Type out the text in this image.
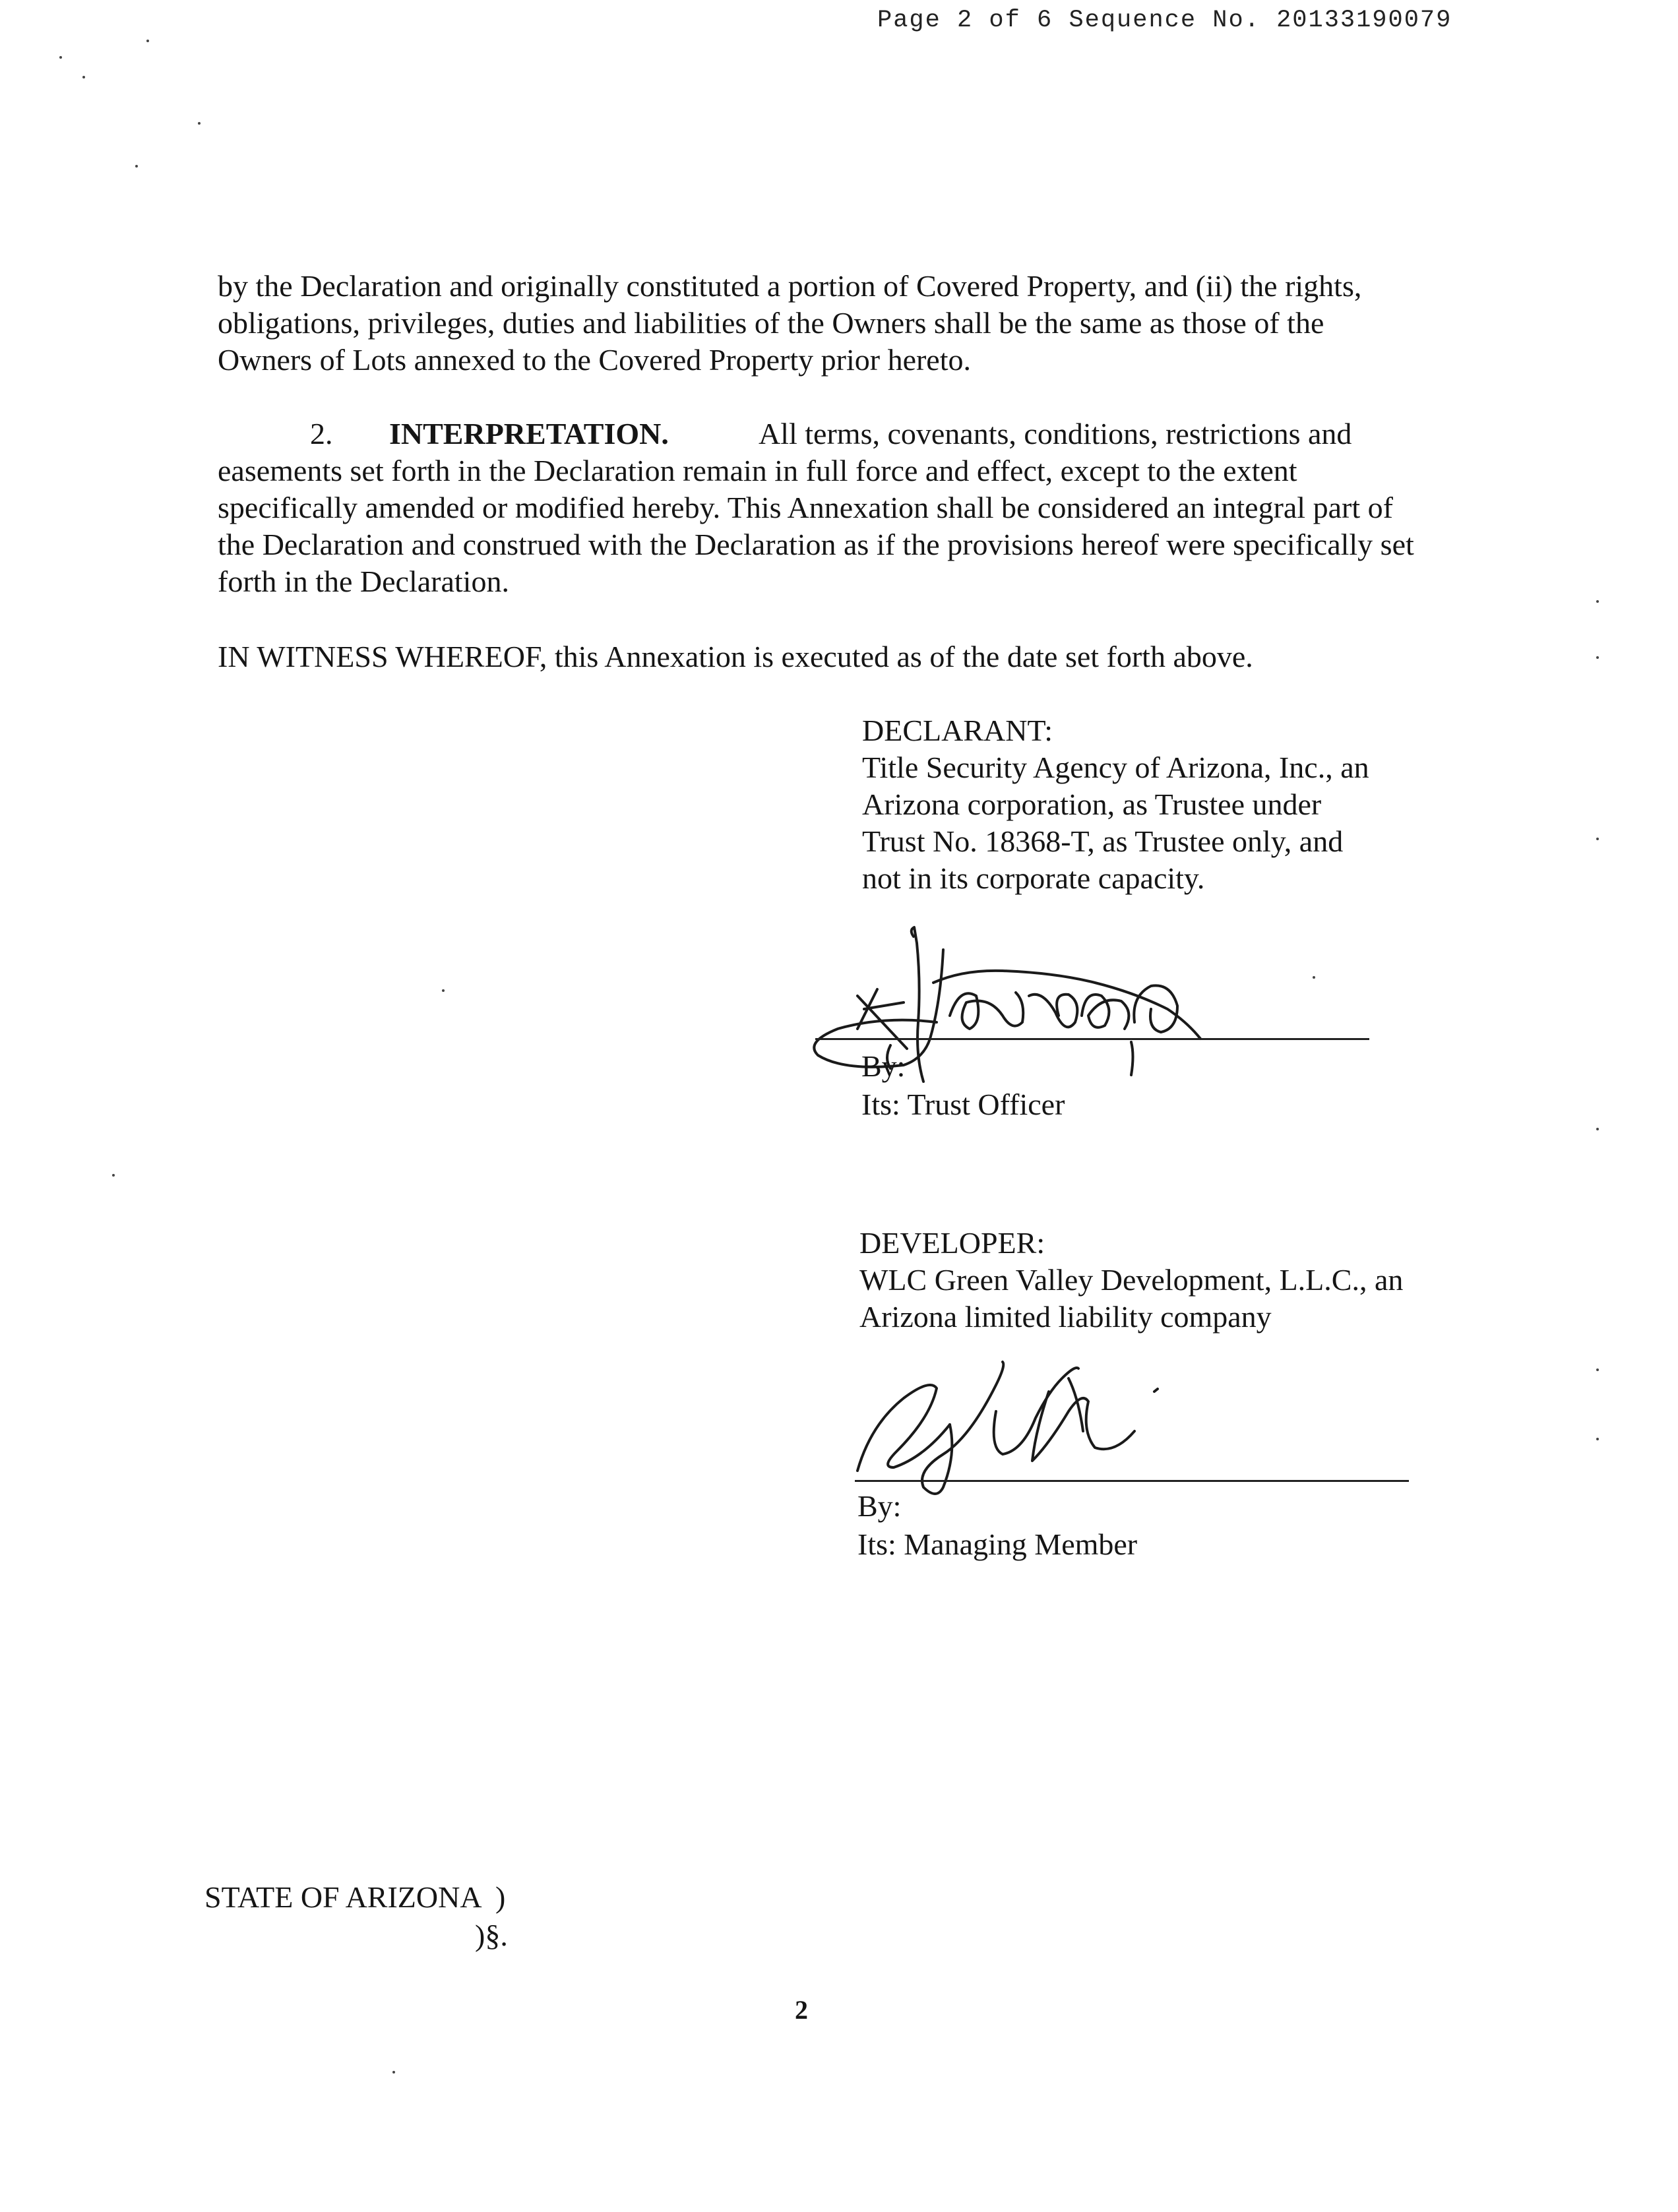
Page 2 of 6 Sequence No. 20133190079
by the Declaration and originally constituted a portion of Covered Property, and (ii) the rights, obligations, privileges, duties and liabilities of the Owners shall be the same as those of the Owners of Lots annexed to the Covered Property prior hereto.
2. INTERPRETATION.	All terms, covenants, conditions, restrictions and easements set forth in the Declaration remain in full force and effect, except to the extent specifically amended or modified hereby. This Annexation shall be considered an integral part of the Declaration and construed with the Declaration as if the provisions hereof were specifically set forth in the Declaration.
IN WITNESS WHEREOF, this Annexation is executed as of the date set forth above.
DECLARANT:
Title Security Agency of Arizona, Inc., an
Arizona corporation, as Trustee under
Trust No. 18368-T, as Trustee only, and
not in its corporate capacity.
By:
Its: Trust Officer
DEVELOPER:
WLC Green Valley Development, L.L.C., an
Arizona limited liability company
By:
Its: Managing Member
STATE OF ARIZONA  )
)§.
2
